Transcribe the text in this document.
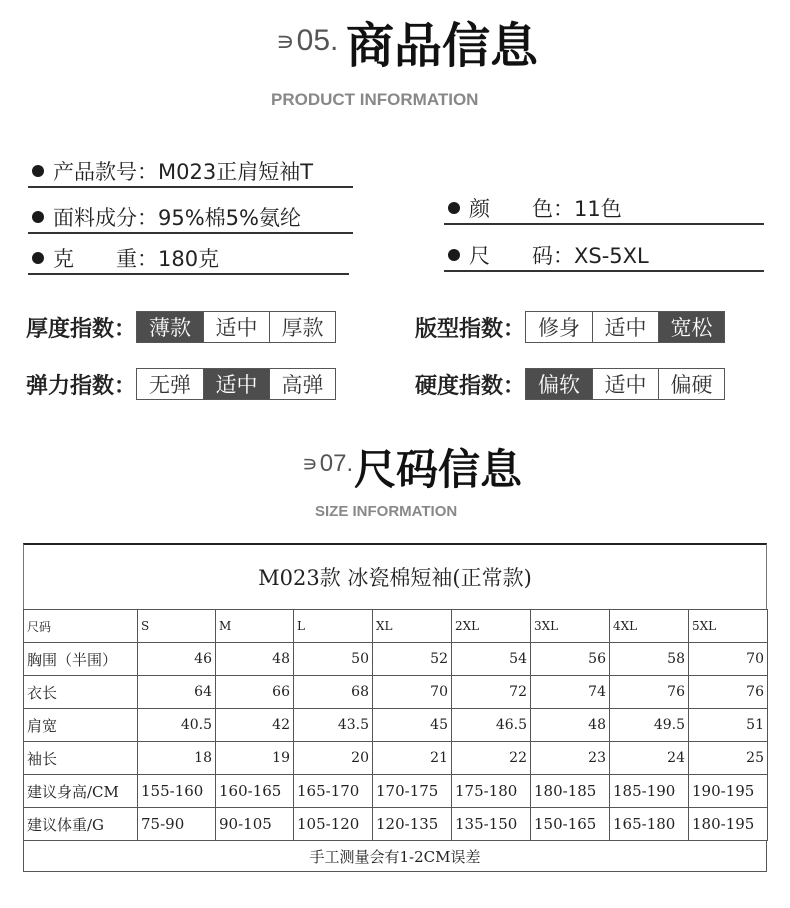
∍ 05. 商品信息
PRODUCT INFORMATION
产品款号：M023正肩短袖T
面料成分：95%棉5%氨纶
克　　重：180克
颜　　色：11色
尺　　码：XS-5XL
厚度指数： 薄款	适中	厚款	版型指数： 修身	适中	宽松
弹力指数： 无弹	适中	高弹	硬度指数： 偏软	适中	偏硬
∍ 07. 尺码信息
SIZE INFORMATION
M023款 冰瓷棉短袖(正常款)
尺码	S	M	L	XL	2XL	3XL	4XL	5XL
胸围（半围）	46	48	50	52	54	56	58	70
衣长	64	66	68	70	72	74	76	76
肩宽	40.5	42	43.5	45	46.5	48	49.5	51
袖长	18	19	20	21	22	23	24	25
建议身高/CM	155-160	160-165	165-170	170-175	175-180	180-185	185-190	190-195
建议体重/G	75-90	90-105	105-120	120-135	135-150	150-165	165-180	180-195
手工测量会有1-2CM误差
